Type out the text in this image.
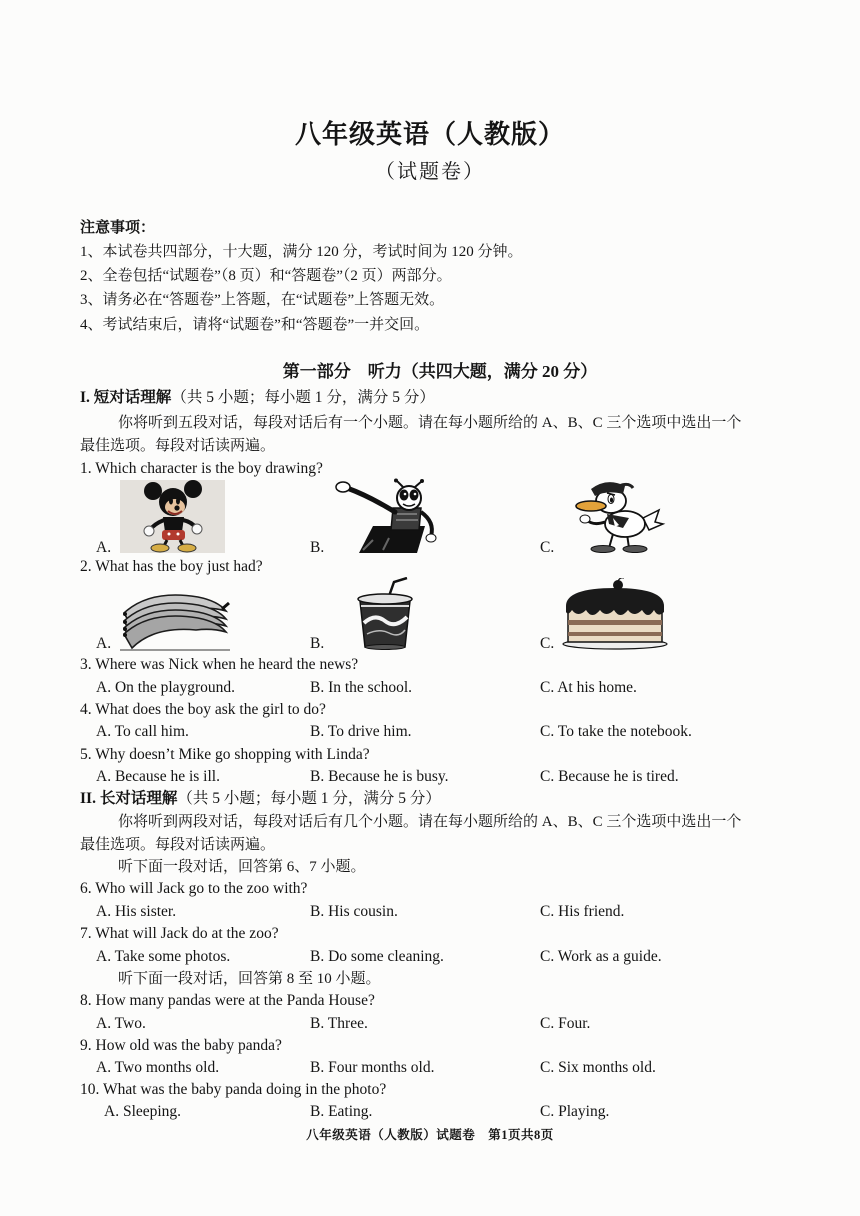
八年级英语（人教版）
（试题卷）
注意事项：
1、本试卷共四部分，十大题，满分 120 分，考试时间为 120 分钟。
2、全卷包括“试题卷”（8 页）和“答题卷”（2 页）两部分。
3、请务必在“答题卷”上答题，在“试题卷”上答题无效。
4、考试结束后，请将“试题卷”和“答题卷”一并交回。
第一部分　听力（共四大题，满分 20 分）
I. 短对话理解（共 5 小题；每小题 1 分，满分 5 分）
你将听到五段对话，每段对话后有一个小题。请在每小题所给的 A、B、C 三个选项中选出一个
最佳选项。每段对话读两遍。
1. Which character is the boy drawing?
A.	B.	C.
2. What has the boy just had?
A.	B.	C.
3. Where was Nick when he heard the news?
A. On the playground.	B. In the school.	C. At his home.
4. What does the boy ask the girl to do?
A. To call him.	B. To drive him.	C. To take the notebook.
5. Why doesn’t Mike go shopping with Linda?
A. Because he is ill.	B. Because he is busy.	C. Because he is tired.
II. 长对话理解（共 5 小题；每小题 1 分，满分 5 分）
你将听到两段对话，每段对话后有几个小题。请在每小题所给的 A、B、C 三个选项中选出一个
最佳选项。每段对话读两遍。
听下面一段对话，回答第 6、7 小题。
6. Who will Jack go to the zoo with?
A. His sister.	B. His cousin.	C. His friend.
7. What will Jack do at the zoo?
A. Take some photos.	B. Do some cleaning.	C. Work as a guide.
听下面一段对话，回答第 8 至 10 小题。
8. How many pandas were at the Panda House?
A. Two.	B. Three.	C. Four.
9. How old was the baby panda?
A. Two months old.	B. Four months old.	C. Six months old.
10. What was the baby panda doing in the photo?
A. Sleeping.	B. Eating.	C. Playing.
八年级英语（人教版）试题卷　第1页共8页
